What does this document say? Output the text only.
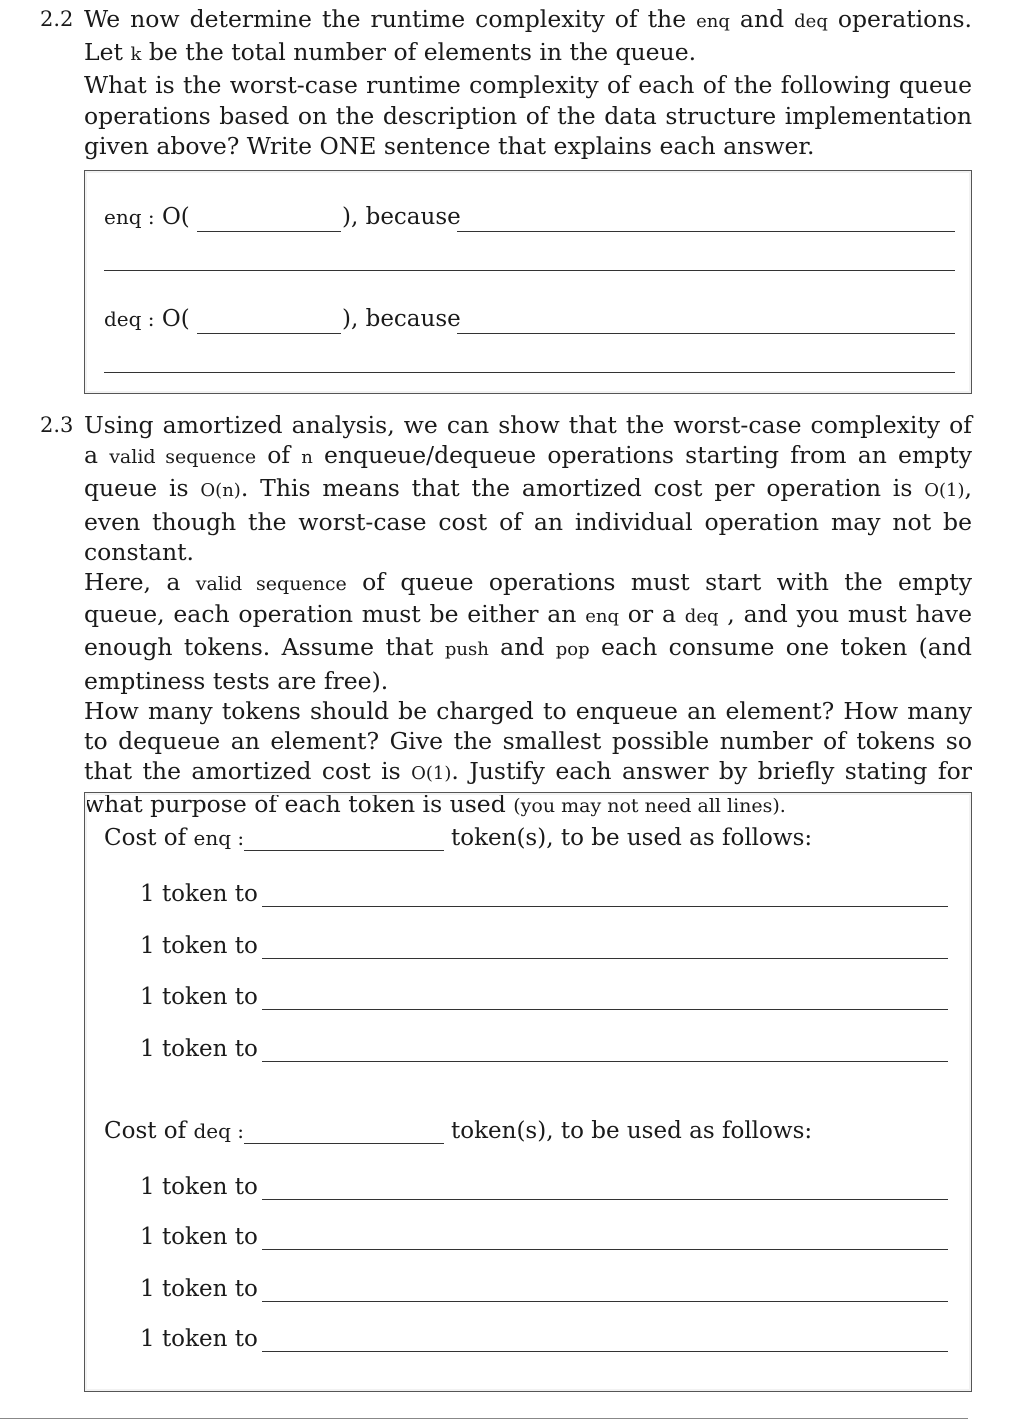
2.2 We now determine the runtime complexity of the enq and deq operations. Let k be the total number of elements in the queue.

What is the worst-case runtime complexity of each of the following queue operations based on the description of the data structure implementation given above? Write ONE sentence that explains each answer.

enq : O(	), because
deq : O(	), because
2.3 Using amortized analysis, we can show that the worst-case complexity of a valid sequence of n enqueue/dequeue operations starting from an empty queue is O(n). This means that the amortized cost per operation is O(1), even though the worst-case cost of an individual operation may not be constant.

Here, a valid sequence of queue operations must start with the empty queue, each operation must be either an enq or a deq , and you must have enough tokens. Assume that push and pop each consume one token (and emptiness tests are free).

How many tokens should be charged to enqueue an element? How many to dequeue an element? Give the smallest possible number of tokens so that the amortized cost is O(1). Justify each answer by briefly stating for what purpose of each token is used (you may not need all lines).

Cost of enq :	token(s), to be used as follows:
1 token to
1 token to
1 token to
1 token to
Cost of deq :	token(s), to be used as follows:
1 token to
1 token to
1 token to
1 token to
